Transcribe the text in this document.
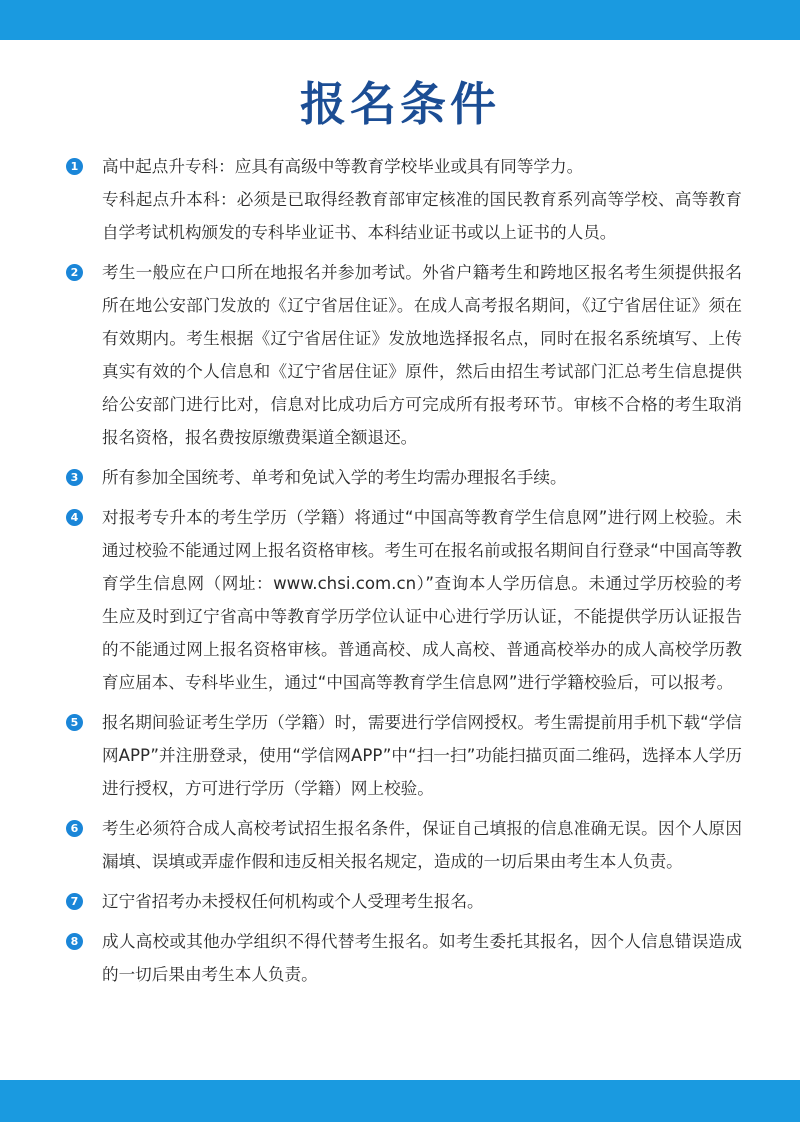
报名条件
1 高中起点升专科：应具有高级中等教育学校毕业或具有同等学力。

专科起点升本科：必须是已取得经教育部审定核准的国民教育系列高等学校、高等教育自学考试机构颁发的专科毕业证书、本科结业证书或以上证书的人员。

2 考生一般应在户口所在地报名并参加考试。外省户籍考生和跨地区报名考生须提供报名所在地公安部门发放的《辽宁省居住证》。在成人高考报名期间，《辽宁省居住证》须在有效期内。考生根据《辽宁省居住证》发放地选择报名点，同时在报名系统填写、上传真实有效的个人信息和《辽宁省居住证》原件，然后由招生考试部门汇总考生信息提供给公安部门进行比对，信息对比成功后方可完成所有报考环节。审核不合格的考生取消报名资格，报名费按原缴费渠道全额退还。

3 所有参加全国统考、单考和免试入学的考生均需办理报名手续。

4 对报考专升本的考生学历（学籍）将通过“中国高等教育学生信息网”进行网上校验。未通过校验不能通过网上报名资格审核。考生可在报名前或报名期间自行登录“中国高等教育学生信息网（网址：www.chsi.com.cn）”查询本人学历信息。未通过学历校验的考生应及时到辽宁省高中等教育学历学位认证中心进行学历认证，不能提供学历认证报告的不能通过网上报名资格审核。普通高校、成人高校、普通高校举办的成人高校学历教育应届本、专科毕业生，通过“中国高等教育学生信息网”进行学籍校验后，可以报考。

5 报名期间验证考生学历（学籍）时，需要进行学信网授权。考生需提前用手机下载“学信网APP”并注册登录，使用“学信网APP”中“扫一扫”功能扫描页面二维码，选择本人学历进行授权，方可进行学历（学籍）网上校验。

6 考生必须符合成人高校考试招生报名条件，保证自己填报的信息准确无误。因个人原因漏填、误填或弄虚作假和违反相关报名规定，造成的一切后果由考生本人负责。

7 辽宁省招考办未授权任何机构或个人受理考生报名。

8 成人高校或其他办学组织不得代替考生报名。如考生委托其报名，因个人信息错误造成的一切后果由考生本人负责。
